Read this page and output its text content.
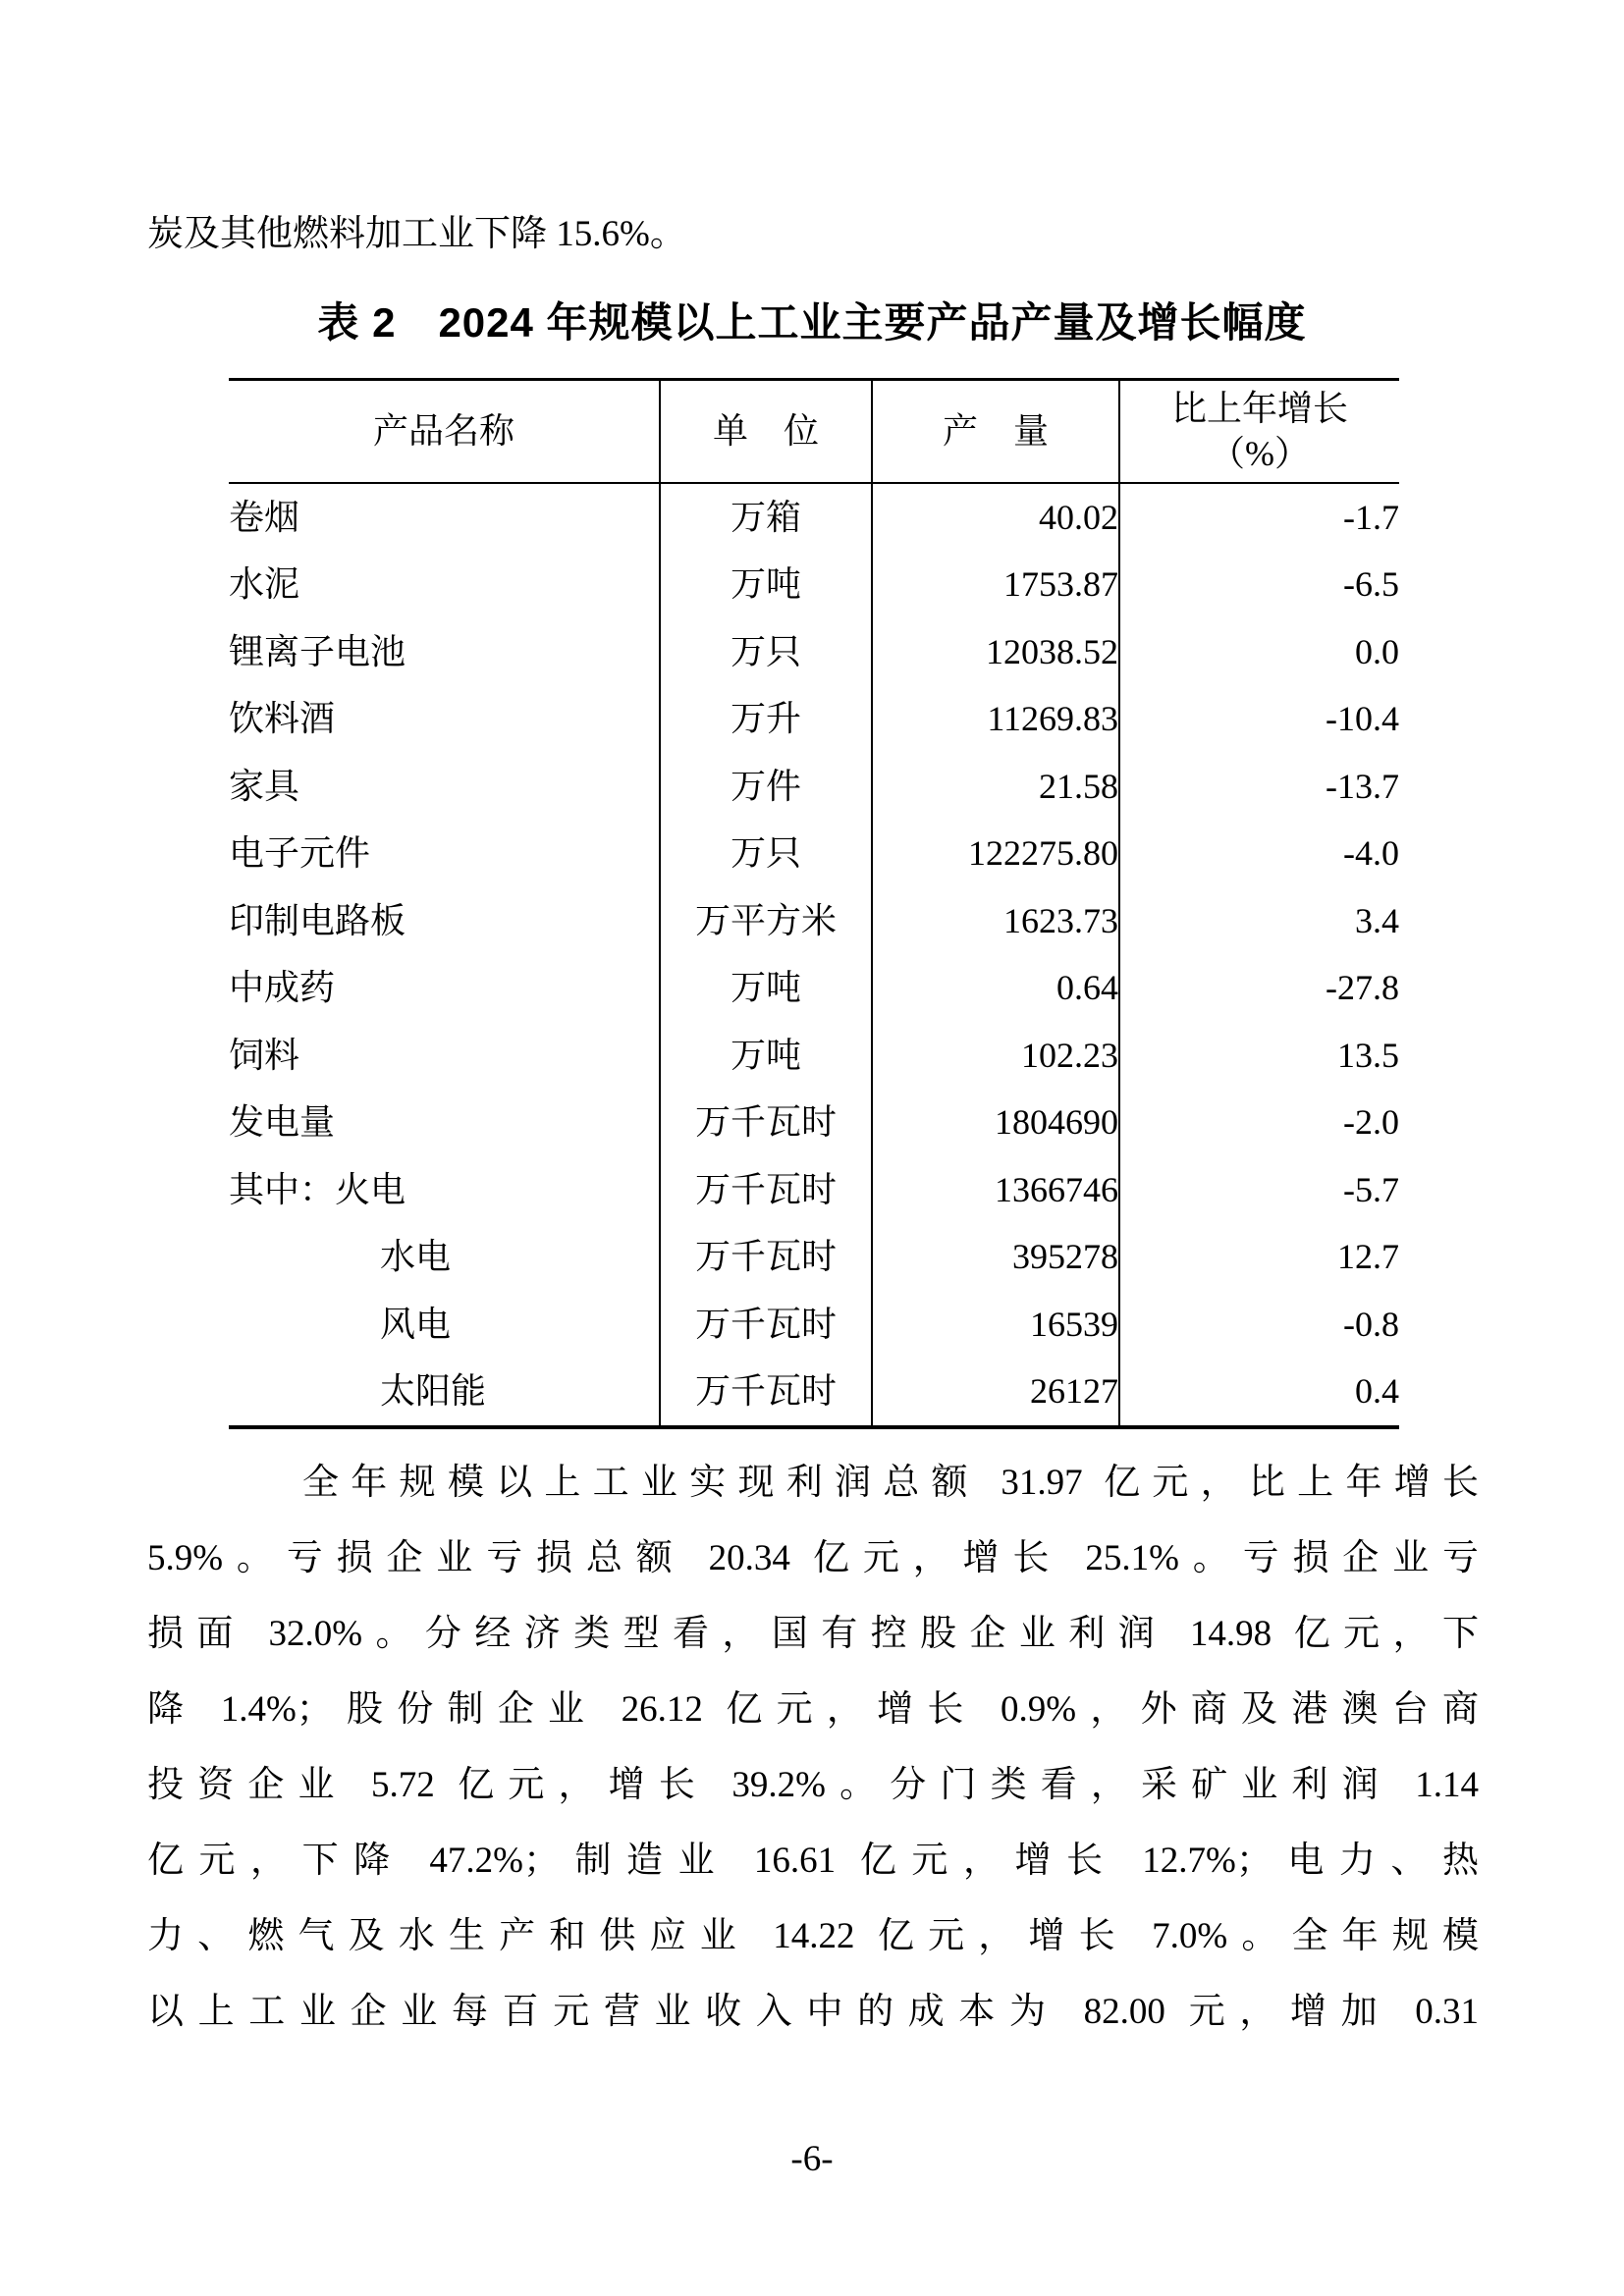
炭及其他燃料加工业下降 15.6%。
表 2　2024 年规模以上工业主要产品产量及增长幅度
产品名称	单　位	产　量	比上年增长
（%）

卷烟	万箱	40.02	-1.7
水泥	万吨	1753.87	-6.5
锂离子电池	万只	12038.52	0.0
饮料酒	万升	11269.83	-10.4
家具	万件	21.58	-13.7
电子元件	万只	122275.80	-4.0
印制电路板	万平方米	1623.73	3.4
中成药	万吨	0.64	-27.8
饲料	万吨	102.23	13.5
发电量	万千瓦时	1804690	-2.0
其中：火电	万千瓦时	1366746	-5.7
水电	万千瓦时	395278	12.7
风电	万千瓦时	16539	-0.8
太阳能	万千瓦时	26127	0.4
全年规模以上工业实现利润总额 31.97 亿元，比上年增长
5.9%。亏损企业亏损总额 20.34 亿元，增长 25.1%。亏损企业亏
损面 32.0%。分经济类型看，国有控股企业利润 14.98 亿元，下
降 1.4%；股份制企业 26.12 亿元，增长 0.9%，外商及港澳台商
投资企业 5.72 亿元，增长 39.2%。分门类看，采矿业利润 1.14
亿元，下降 47.2%；制造业 16.61 亿元，增长 12.7%；电力、热
力、燃气及水生产和供应业 14.22 亿元，增长 7.0%。全年规模
以上工业企业每百元营业收入中的成本为 82.00 元，增加 0.31
-6-
